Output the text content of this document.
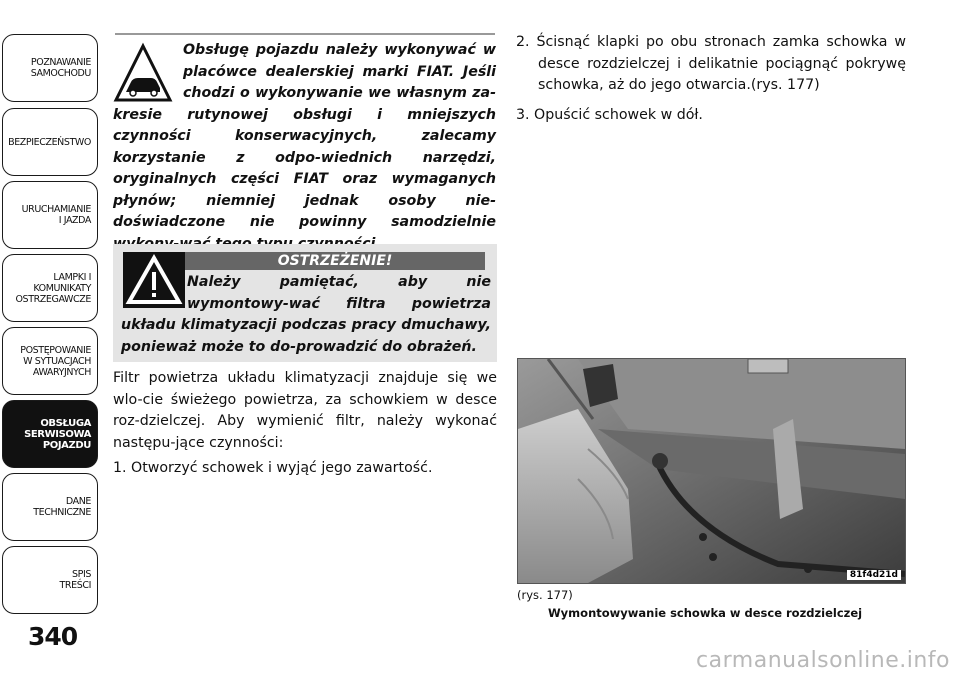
POZNAWANIE
SAMOCHODU
BEZPIECZEŃSTWO
URUCHAMIANIE
I JAZDA
LAMPKI I
KOMUNIKATY
OSTRZEGAWCZE
POSTĘPOWANIE
W SYTUACJACH
AWARYJNYCH
OBSŁUGA
SERWISOWA
POJAZDU
DANE
TECHNICZNE
SPIS
TREŚCI
340
Obsługę pojazdu należy wykonywać w placówce dealerskiej marki FIAT. Jeśli chodzi o wykonywanie we własnym za-kresie rutynowej obsługi i mniejszych czynności konserwacyjnych, zalecamy korzystanie z odpo-wiednich narzędzi, oryginalnych części FIAT oraz wymaganych płynów; niemniej jednak osoby nie-doświadczone nie powinny samodzielnie
OSTRZEŻENIE!
Należy pamiętać, aby nie wymontowy-wać filtra powietrza układu klimatyzacji podczas pracy dmuchawy, ponieważ może to do-prowadzić do obrażeń.
Filtr powietrza układu klimatyzacji znajduje się we wlo-cie świeżego powietrza, za schowkiem w desce roz-dzielczej. Aby wymienić filtr, należy wykonać następu-jące czynności:
1. Otworzyć schowek i wyjąć jego zawartość.
2. Ścisnąć klapki po obu stronach zamka schowka w desce rozdzielczej i delikatnie pociągnąć pokrywę schowka, aż do jego otwarcia.(rys. 177)
3. Opuścić schowek w dół.
81f4d21d
(rys. 177)
Wymontowywanie schowka w desce rozdzielczej
carmanualsonline.info
